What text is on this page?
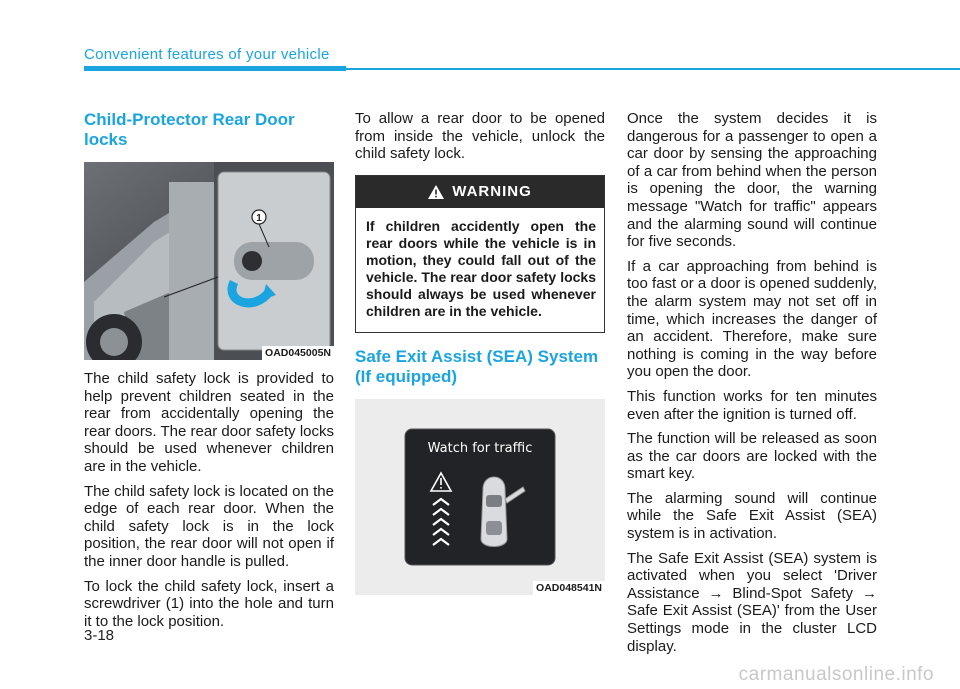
Convenient features of your vehicle
Child-Protector Rear Door locks
1
OAD045005N

The child safety lock is provided to help prevent children seated in the rear from accidentally opening the rear doors. The rear door safety locks should be used whenever children are in the vehicle.

The child safety lock is located on the edge of each rear door. When the child safety lock is in the lock position, the rear door will not open if the inner door handle is pulled.

To lock the child safety lock, insert a screwdriver (1) into the hole and turn it to the lock position.

To allow a rear door to be opened from inside the vehicle, unlock the child safety lock.

WARNING
If children accidently open the rear doors while the vehicle is in motion, they could fall out of the vehicle. The rear door safety locks should always be used whenever children are in the vehicle.
Safe Exit Assist (SEA) System (If equipped)
Watch for traffic
OAD048541N

Once the system decides it is dangerous for a passenger to open a car door by sensing the approaching of a car from behind when the person is opening the door, the warning message "Watch for traffic" appears and the alarming sound will continue for five seconds.

If a car approaching from behind is too fast or a door is opened suddenly, the alarm system may not set off in time, which increases the danger of an accident. Therefore, make sure nothing is coming in the way before you open the door.

This function works for ten minutes even after the ignition is turned off.

The function will be released as soon as the car doors are locked with the smart key.

The alarming sound will continue while the Safe Exit Assist (SEA) system is in activation.

The Safe Exit Assist (SEA) system is activated when you select 'Driver Assistance → Blind-Spot Safety → Safe Exit Assist (SEA)' from the User Settings mode in the cluster LCD display.

3-18
carmanualsonline.info
